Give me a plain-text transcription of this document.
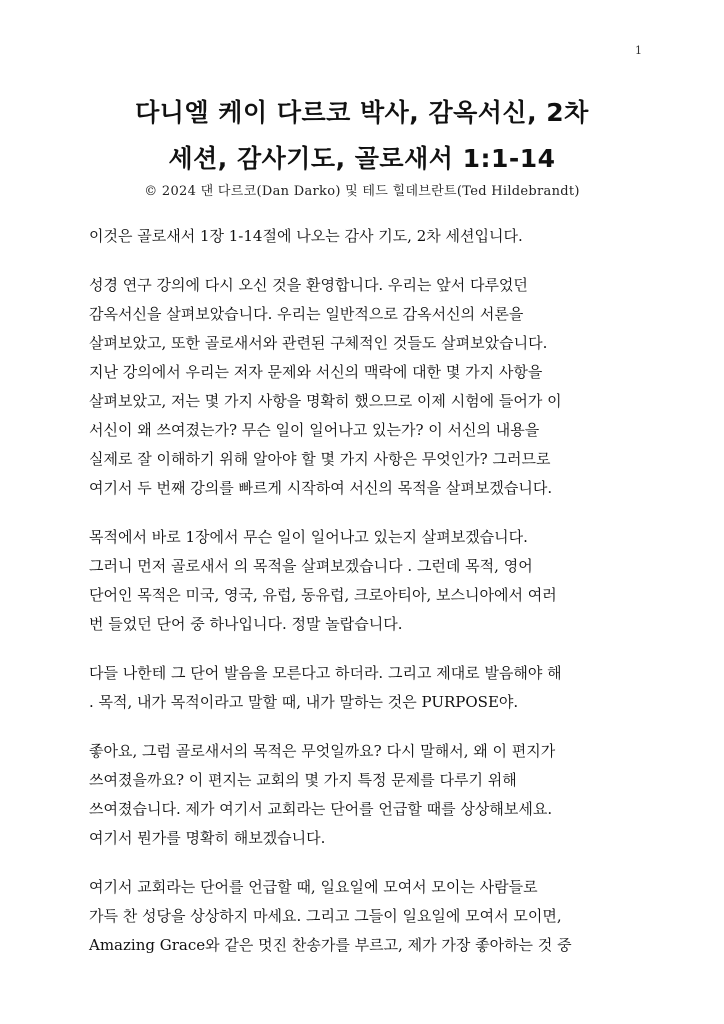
1
다니엘 케이 다르코 박사, 감옥서신, 2차
세션, 감사기도, 골로새서 1:1-14
© 2024 댄 다르코(Dan Darko) 및 테드 힐데브란트(Ted Hildebrandt)

이것은 골로새서 1장 1-14절에 나오는 감사 기도, 2차 세션입니다.

성경 연구 강의에 다시 오신 것을 환영합니다. 우리는 앞서 다루었던
감옥서신을 살펴보았습니다. 우리는 일반적으로 감옥서신의 서론을
살펴보았고, 또한 골로새서와 관련된 구체적인 것들도 살펴보았습니다.
지난 강의에서 우리는 저자 문제와 서신의 맥락에 대한 몇 가지 사항을
살펴보았고, 저는 몇 가지 사항을 명확히 했으므로 이제 시험에 들어가 이
서신이 왜 쓰여졌는가? 무슨 일이 일어나고 있는가? 이 서신의 내용을
실제로 잘 이해하기 위해 알아야 할 몇 가지 사항은 무엇인가? 그러므로
여기서 두 번째 강의를 빠르게 시작하여 서신의 목적을 살펴보겠습니다.

목적에서 바로 1장에서 무슨 일이 일어나고 있는지 살펴보겠습니다.
그러니 먼저 골로새서 의 목적을 살펴보겠습니다 . 그런데 목적, 영어
단어인 목적은 미국, 영국, 유럽, 동유럽, 크로아티아, 보스니아에서 여러
번 들었던 단어 중 하나입니다. 정말 놀랍습니다.

다들 나한테 그 단어 발음을 모른다고 하더라. 그리고 제대로 발음해야 해
. 목적, 내가 목적이라고 말할 때, 내가 말하는 것은 PURPOSE야.

좋아요, 그럼 골로새서의 목적은 무엇일까요? 다시 말해서, 왜 이 편지가
쓰여졌을까요? 이 편지는 교회의 몇 가지 특정 문제를 다루기 위해
쓰여졌습니다. 제가 여기서 교회라는 단어를 언급할 때를 상상해보세요.
여기서 뭔가를 명확히 해보겠습니다.

여기서 교회라는 단어를 언급할 때, 일요일에 모여서 모이는 사람들로
가득 찬 성당을 상상하지 마세요. 그리고 그들이 일요일에 모여서 모이면,
Amazing Grace와 같은 멋진 찬송가를 부르고, 제가 가장 좋아하는 것 중
